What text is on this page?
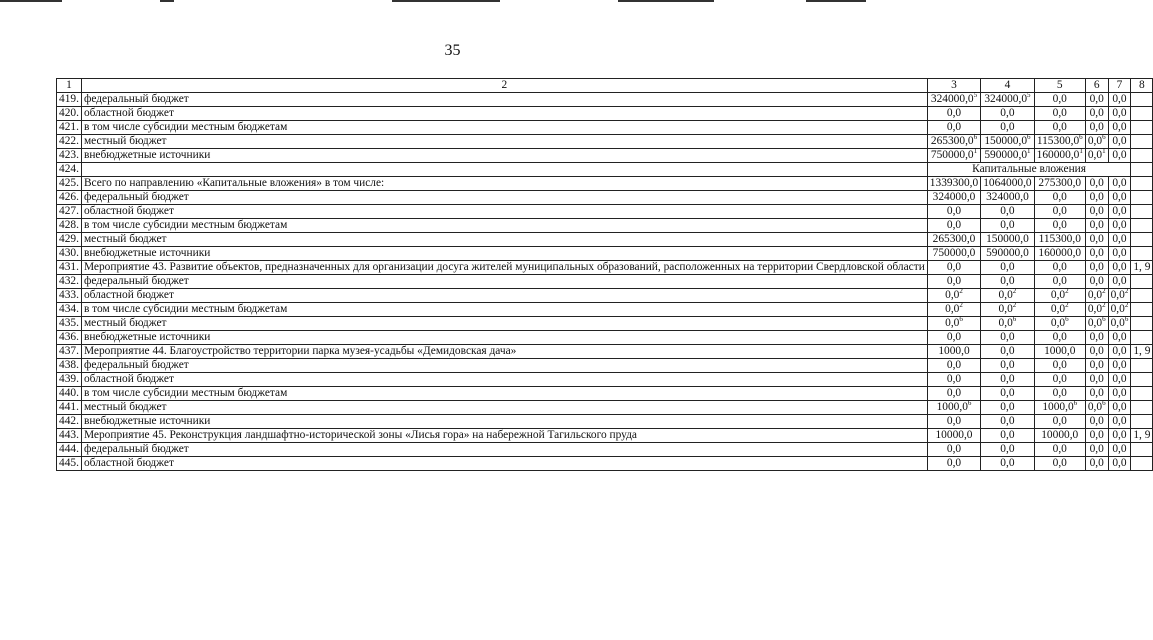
35
1	2	3	4	5	6	7	8
419.	федеральный бюджет	324000,0$^5$	324000,0$^5$	0,0	0,0	0,0	
420.	областной бюджет	0,0	0,0	0,0	0,0	0,0	
421.	в том числе субсидии местным бюджетам	0,0	0,0	0,0	0,0	0,0	
422.	местный бюджет	265300,0$^6$	150000,0$^6$	115300,0$^6$	$0,0^6$	0,0	
423.	внебюджетные источники	750000,0$^1$	590000,0$^1$	160000,0$^1$	$0,0^1$	0,0	
424.		Капитальные вложения					
425.	Всего по направлению «Капитальные вложения» в том числе:	1339300,0	1064000,0	275300,0	0,0	0,0	
426.	федеральный бюджет	324000,0	324000,0	0,0	0,0	0,0	
427.	областной бюджет	0,0	0,0	0,0	0,0	0,0	
428.	в том числе субсидии местным бюджетам	0,0	0,0	0,0	0,0	0,0	
429.	местный бюджет	265300,0	150000,0	115300,0	0,0	0,0	
430.	внебюджетные источники	750000,0	590000,0	160000,0	0,0	0,0	
431.	Мероприятие 43. Развитие объектов, предназначенных для организации досуга жителей муниципальных образований, расположенных на территории Свердловской области	0,0	0,0	0,0	0,0	0,0	1, 9
432.	федеральный бюджет	0,0	0,0	0,0	0,0	0,0	
433.	областной бюджет	$0,0^2$	$0,0^2$	$0,0^2$	$0,0^2$	$0,0^2$	
434.	в том числе субсидии местным бюджетам	$0,0^2$	$0,0^2$	$0,0^2$	$0,0^2$	$0,0^2$	
435.	местный бюджет	$0,0^6$	$0,0^6$	$0,0^6$	$0,0^6$	$0,0^6$	
436.	внебюджетные источники	0,0	0,0	0,0	0,0	0,0	
437.	Мероприятие 44. Благоустройство территории парка музея-усадьбы «Демидовская дача»	1000,0	0,0	1000,0	0,0	0,0	1, 9
438.	федеральный бюджет	0,0	0,0	0,0	0,0	0,0	
439.	областной бюджет	0,0	0,0	0,0	0,0	0,0	
440.	в том числе субсидии местным бюджетам	0,0	0,0	0,0	0,0	0,0	
441.	местный бюджет	1000,0$^6$	0,0	1000,0$^6$	$0,0^6$	0,0	
442.	внебюджетные источники	0,0	0,0	0,0	0,0	0,0	
443.	Мероприятие 45. Реконструкция ландшафтно-исторической зоны «Лисья гора» на набережной Тагильского пруда	10000,0	0,0	10000,0	0,0	0,0	1, 9
444.	федеральный бюджет	0,0	0,0	0,0	0,0	0,0	
445.	областной бюджет	0,0	0,0	0,0	0,0	0,0	
